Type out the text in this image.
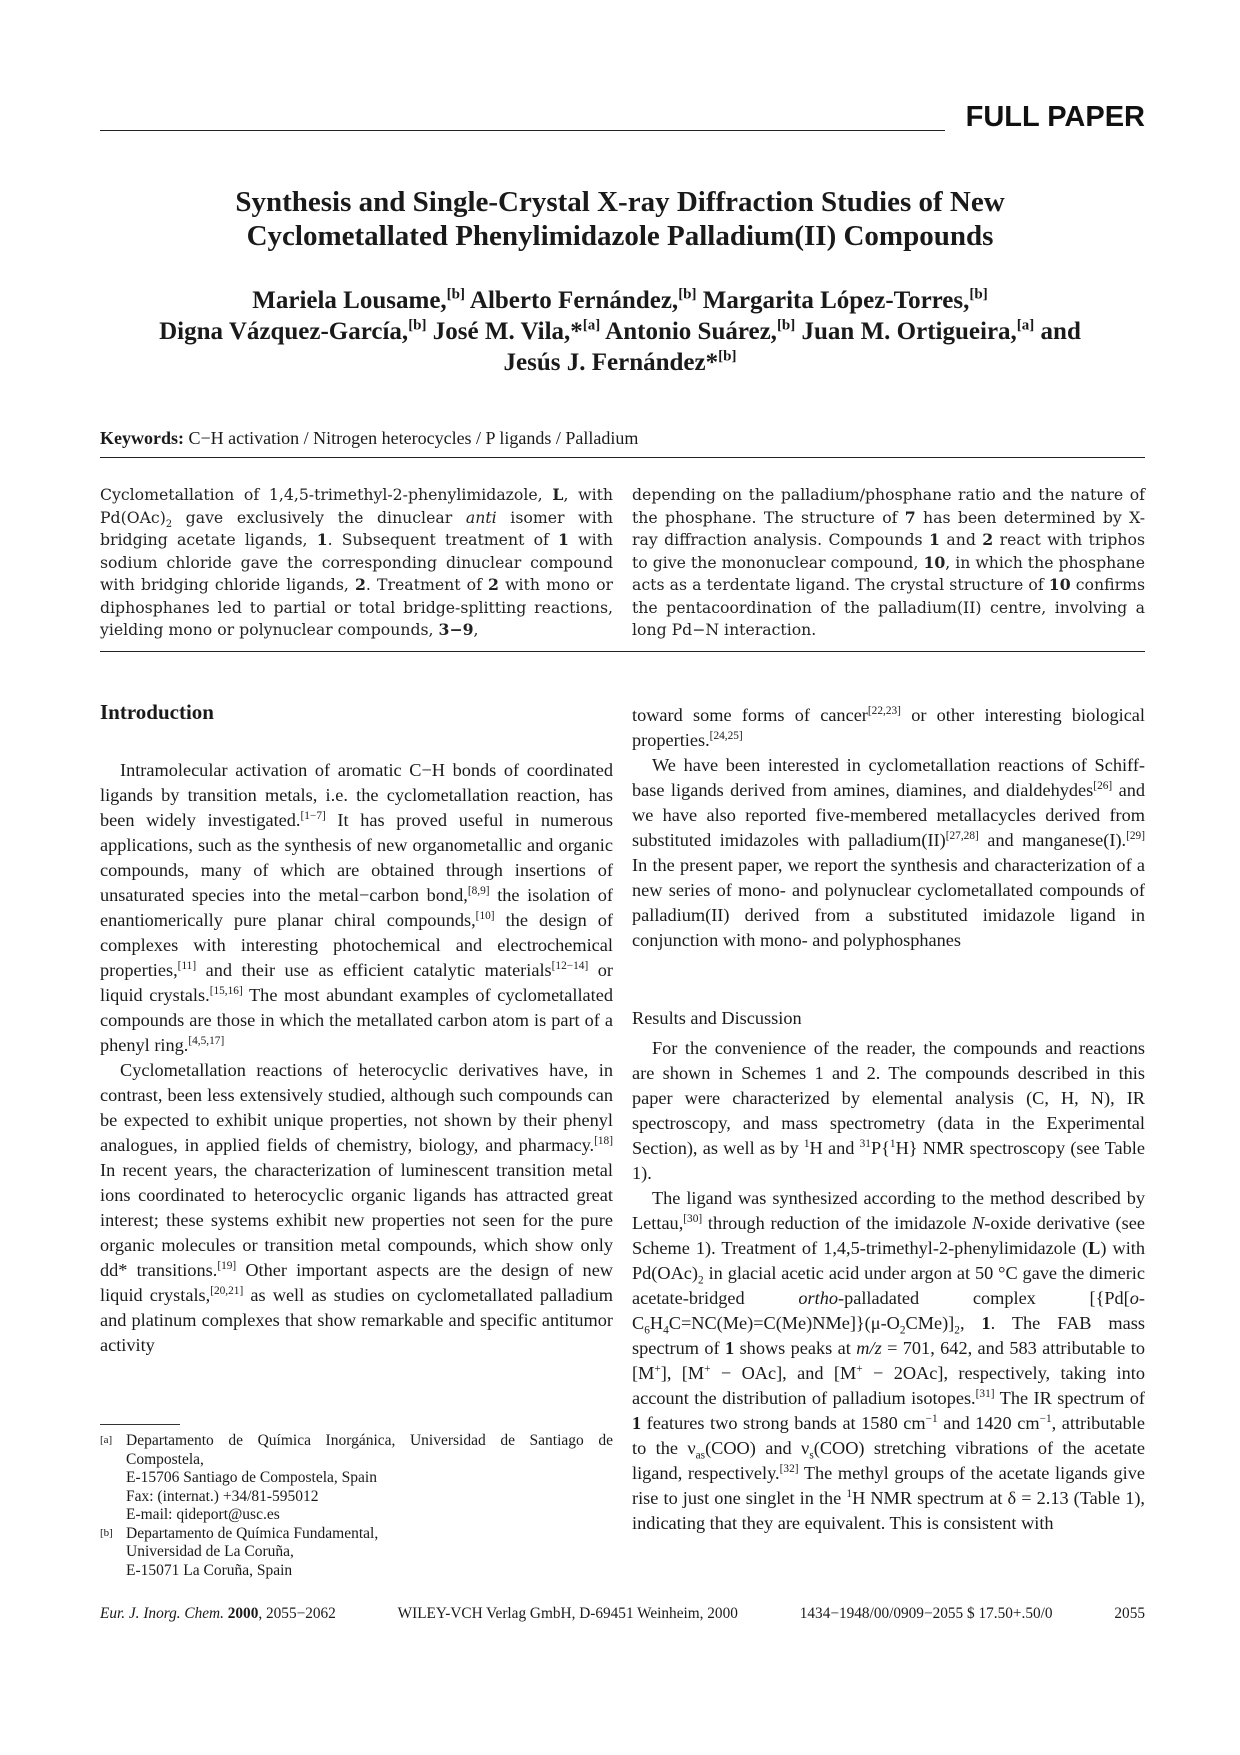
FULL PAPER
Synthesis and Single-Crystal X-ray Diffraction Studies of New
Cyclometallated Phenylimidazole Palladium(II) Compounds
Mariela Lousame,[b] Alberto Fernández,[b] Margarita López-Torres,[b]
Digna Vázquez-García,[b] José M. Vila,*[a] Antonio Suárez,[b] Juan M. Ortigueira,[a] and
Jesús J. Fernández*[b]
Keywords: C−H activation / Nitrogen heterocycles / P ligands / Palladium
Cyclometallation of 1,4,5-trimethyl-2-phenylimidazole, L, with $Pd(OAc)_2$ gave exclusively the dinuclear anti isomer with bridging acetate ligands, 1. Subsequent treatment of 1 with sodium chloride gave the corresponding dinuclear compound with bridging chloride ligands, 2. Treatment of 2 with mono or diphosphanes led to partial or total bridge-splitting reactions, yielding mono or polynuclear compounds, 3−9,
depending on the palladium/phosphane ratio and the nature of the phosphane. The structure of 7 has been determined by X-ray diffraction analysis. Compounds 1 and 2 react with triphos to give the mononuclear compound, 10, in which the phosphane acts as a terdentate ligand. The crystal structure of 10 confirms the pentacoordination of the palladium(II) centre, involving a long Pd−N interaction.
Introduction

Intramolecular activation of aromatic C−H bonds of coordinated ligands by transition metals, i.e. the cyclometallation reaction, has been widely investigated.[1−7] It has proved useful in numerous applications, such as the synthesis of new organometallic and organic compounds, many of which are obtained through insertions of unsaturated species into the metal−carbon bond,[8,9] the isolation of enantiomerically pure planar chiral compounds,[10] the design of complexes with interesting photochemical and electrochemical properties,[11] and their use as efficient catalytic materials[12−14] or liquid crystals.[15,16] The most abundant examples of cyclometallated compounds are those in which the metallated carbon atom is part of a phenyl ring.[4,5,17]

Cyclometallation reactions of heterocyclic derivatives have, in contrast, been less extensively studied, although such compounds can be expected to exhibit unique properties, not shown by their phenyl analogues, in applied fields of chemistry, biology, and pharmacy.[18] In recent years, the characterization of luminescent transition metal ions coordinated to heterocyclic organic ligands has attracted great interest; these systems exhibit new properties not seen for the pure organic molecules or transition metal compounds, which show only dd* transitions.[19] Other important aspects are the design of new liquid crystals,[20,21] as well as studies on cyclometallated palladium and platinum complexes that show remarkable and specific antitumor activity

[a] Departamento de Química Inorgánica, Universidad de Santiago de Compostela,
E-15706 Santiago de Compostela, Spain
Fax: (internat.) +34/81-595012
E-mail: qideport@usc.es
[b] Departamento de Química Fundamental,
Universidad de La Coruña,
E-15071 La Coruña, Spain

toward some forms of cancer[22,23] or other interesting biological properties.[24,25]

We have been interested in cyclometallation reactions of Schiff-base ligands derived from amines, diamines, and dialdehydes[26] and we have also reported five-membered metallacycles derived from substituted imidazoles with palladium(II)[27,28] and manganese(I).[29] In the present paper, we report the synthesis and characterization of a new series of mono- and polynuclear cyclometallated compounds of palladium(II) derived from a substituted imidazole ligand in conjunction with mono- and polyphosphanes

Results and Discussion

For the convenience of the reader, the compounds and reactions are shown in Schemes 1 and 2. The compounds described in this paper were characterized by elemental analysis (C, H, N), IR spectroscopy, and mass spectrometry (data in the Experimental Section), as well as by $^1$H and $^{31}$P{$^1$H} NMR spectroscopy (see Table 1).

The ligand was synthesized according to the method described by Lettau,[30] through reduction of the imidazole N-oxide derivative (see Scheme 1). Treatment of 1,4,5-trimethyl-2-phenylimidazole (L) with $Pd(OAc)_2$ in glacial acetic acid under argon at 50 °C gave the dimeric acetate-bridged ortho-palladated complex $[\{Pd[o-C_6H_4C=NC(Me)=C(Me)NMe]\}(\mu-O_2CMe)]_2$, 1. The FAB mass spectrum of 1 shows peaks at m/z = 701, 642, and 583 attributable to [M+], [M+ − OAc], and [M+ − 2OAc], respectively, taking into account the distribution of palladium isotopes.[31] The IR spectrum of 1 features two strong bands at 1580 $cm^{-1}$ and 1420 $cm^{-1}$, attributable to the $\nu_{as}(COO)$ and $\nu_s(COO)$ stretching vibrations of the acetate ligand, respectively.[32] The methyl groups of the acetate ligands give rise to just one singlet in the $^1$H NMR spectrum at δ = 2.13 (Table 1), indicating that they are equivalent. This is consistent with

Eur. J. Inorg. Chem. 2000, 2055−2062	WILEY-VCH Verlag GmbH, D-69451 Weinheim, 2000	1434−1948/00/0909−2055 $ 17.50+.50/0	2055
